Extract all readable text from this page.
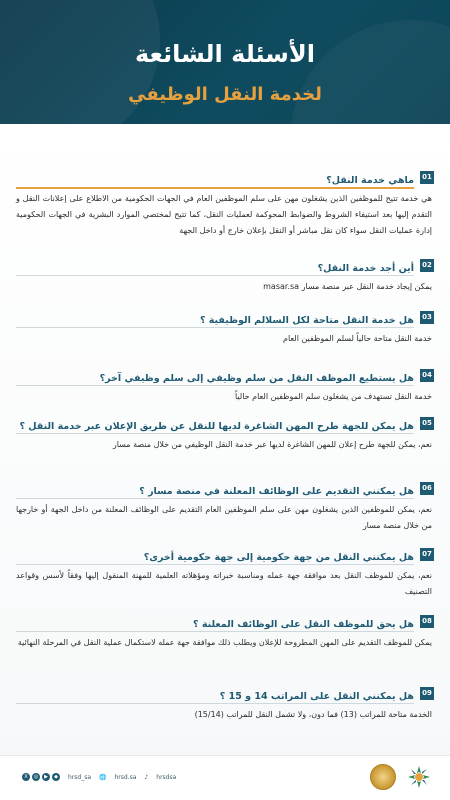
الأسئلة الشائعة
لخدمة النقل الوظيفي
01
ماهي خدمة النقل؟
هي خدمة تتيح للموظفين الذين يشغلون مهن على سلم الموظفين العام في الجهات الحكومية من الاطلاع على إعلانات النقل و التقدم إليها بعد استيفاء الشروط والضوابط المحوكمة لعمليات النقل، كما تتيح لمختصي الموارد البشرية في الجهات الحكومية إدارة عمليات النقل سواء كان نقل مباشر أو النقل بإعلان خارج أو داخل الجهة
02
أين أجد خدمة النقل؟
يمكن إيجاد خدمة النقل عبر منصة مسار masar.sa
03
هل خدمة النقل متاحة لكل السلالم الوظيفية ؟
خدمة النقل متاحة حالياً لسلم الموظفين العام
04
هل يستطيع الموظف النقل من سلم وظيفي إلى سلم وظيفي آخر؟
خدمة النقل تستهدف من يشغلون سلم الموظفين العام حالياً
05
هل يمكن للجهة طرح المهن الشاغرة لديها للنقل عن طريق الإعلان عبر خدمة النقل ؟
نعم، يمكن للجهة طرح إعلان للمهن الشاغرة لديها عبر خدمة النقل الوظيفي من خلال منصة مسار
06
هل يمكنني التقديم على الوظائف المعلنة في منصة مسار ؟
نعم، يمكن للموظفين الذين يشغلون مهن على سلم الموظفين العام التقديم على الوظائف المعلنة من داخل الجهة أو خارجها من خلال منصة مسار
07
هل يمكنني النقل من جهة حكومية إلى جهة حكومية أخرى؟
نعم، يمكن للموظف النقل بعد موافقة جهة عمله ومناسبة خبراته ومؤهلاته العلمية للمهنة المنقول إليها وفقاً لأسس وقواعد التصنيف
08
هل يحق للموظف النقل على الوظائف المعلنة ؟
يمكن للموظف التقديم على المهن المطروحة للإعلان ويطلب ذلك موافقة جهة عمله لاستكمال عملية النقل في المرحلة النهائية
09
هل يمكنني النقل على المراتب 14 و 15 ؟
الخدمة متاحة للمراتب (13) فما دون، ولا تشمل النقل للمراتب (15/14)
X	◎	▶	◆	hrsd_sa 🌐 hrsd.sa ♪ hrsdsa
